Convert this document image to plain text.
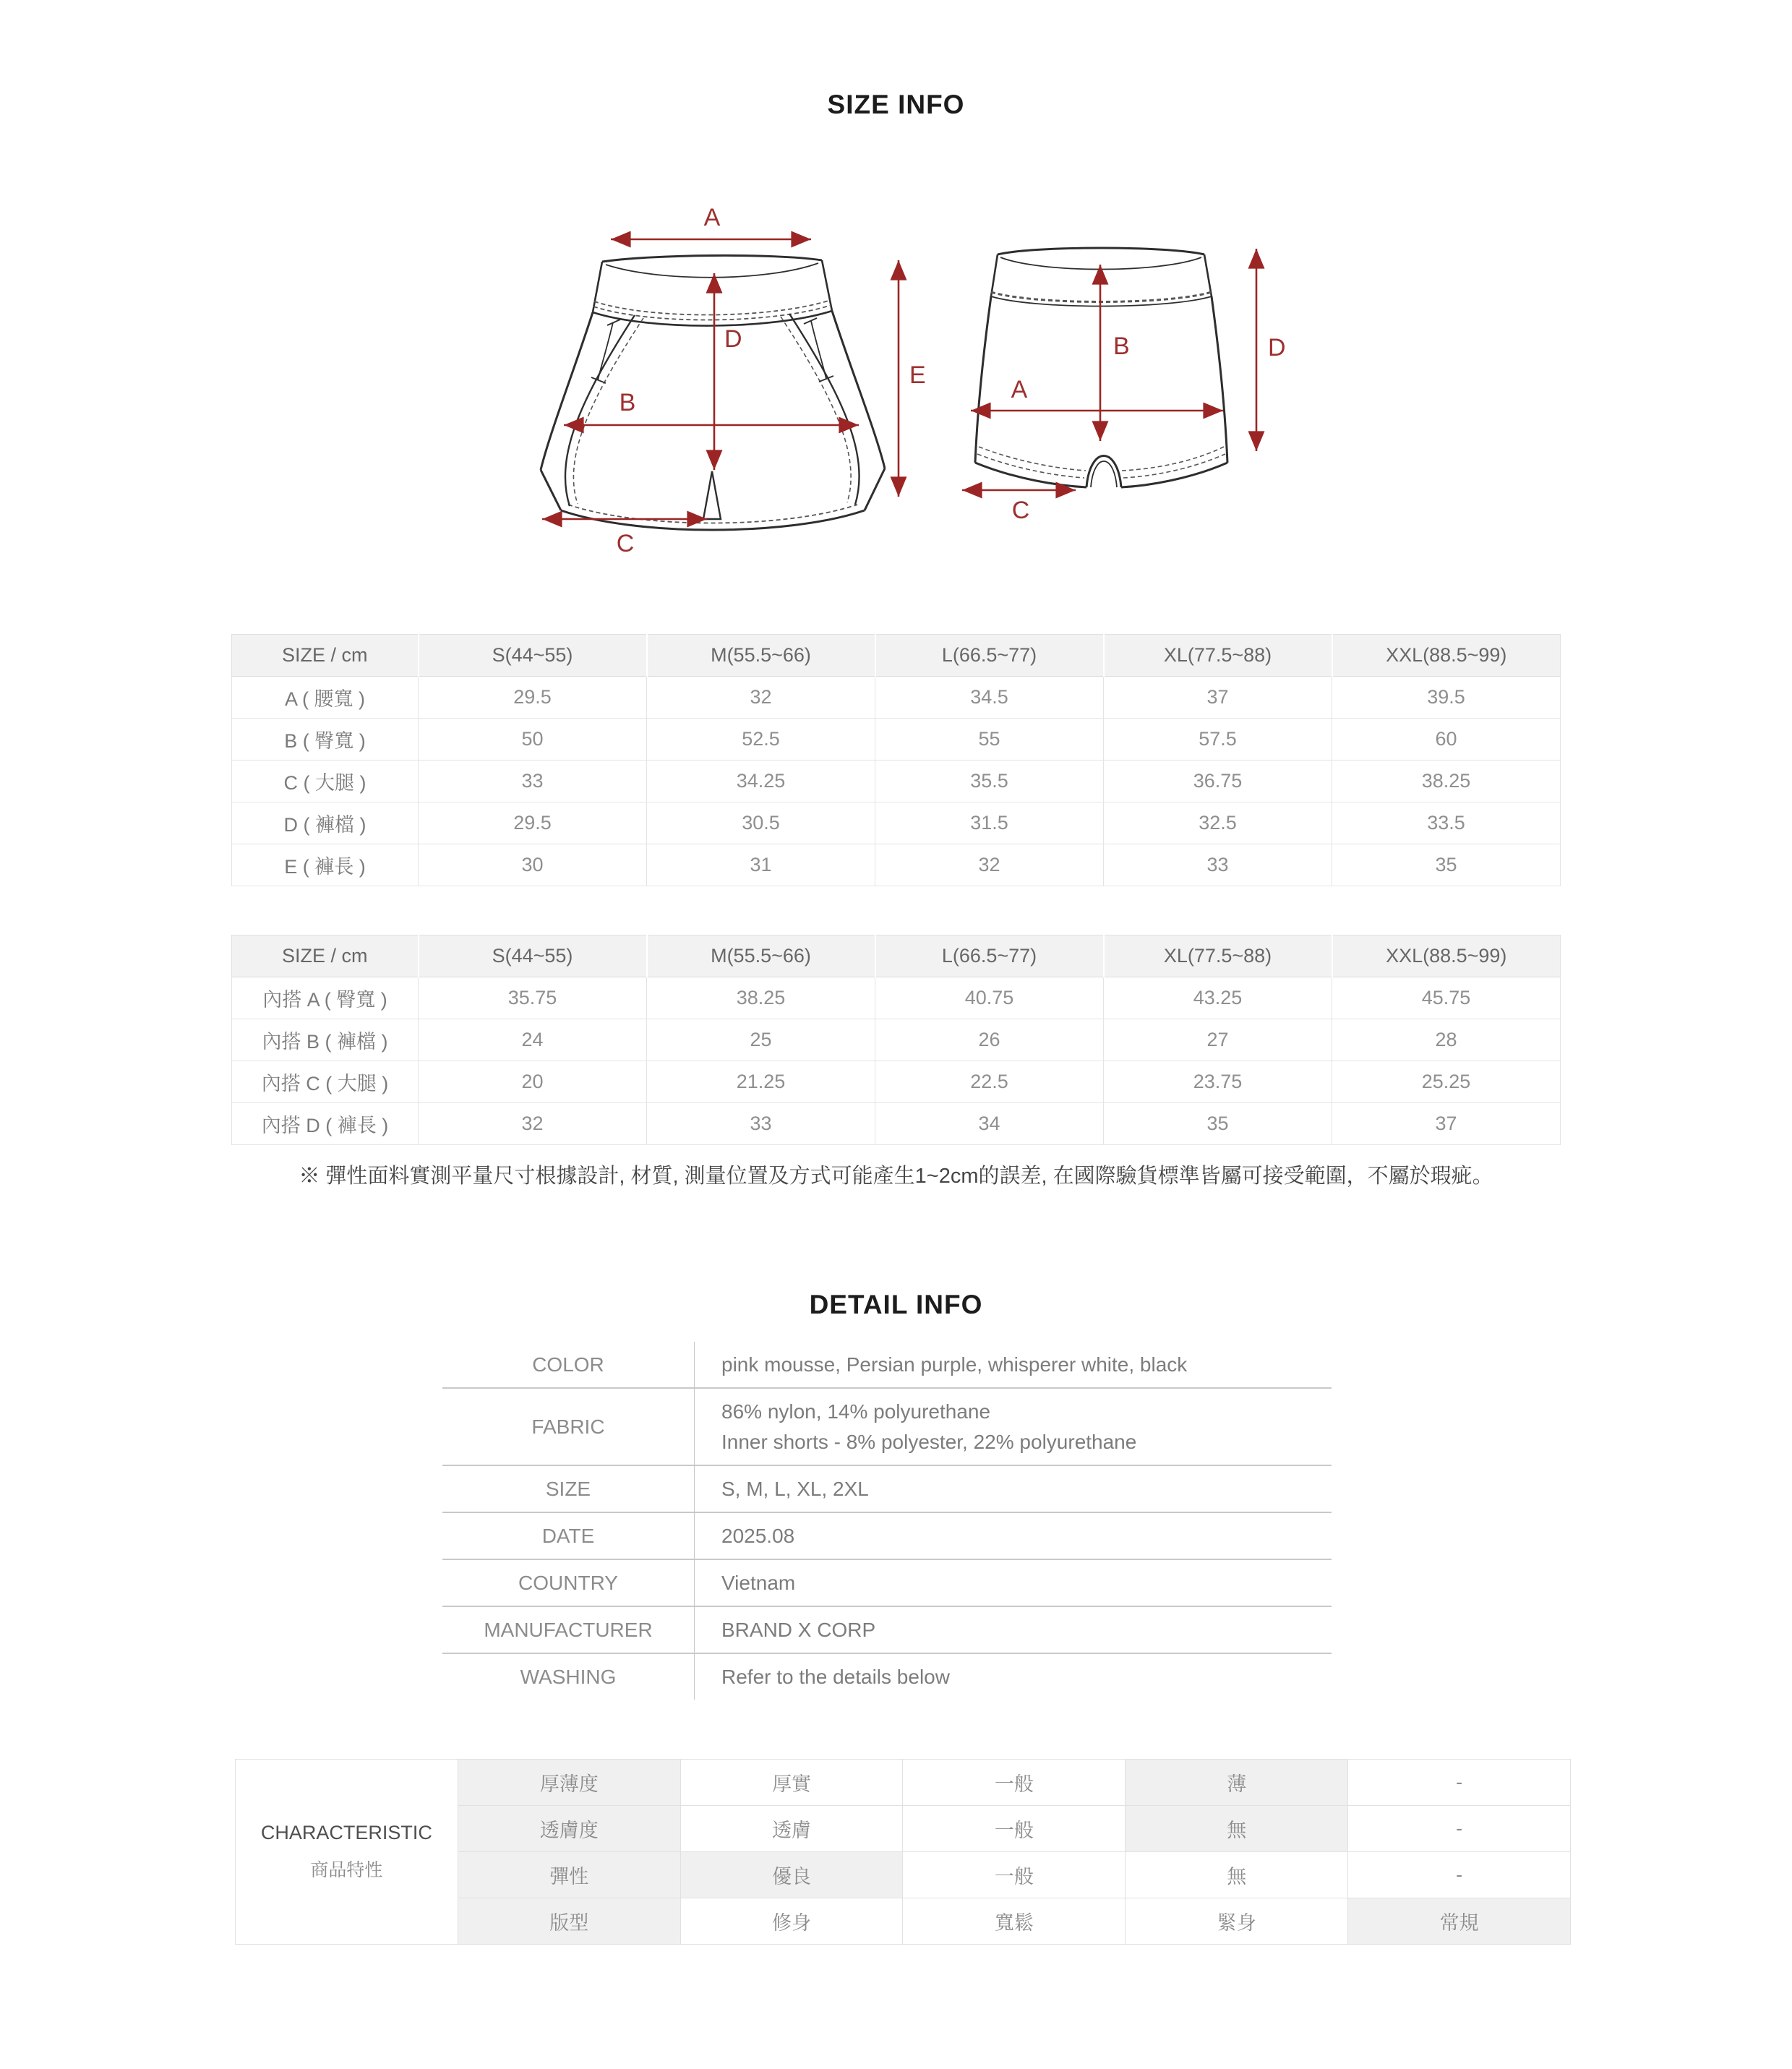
SIZE INFO
A
D
B
E
C
B
A
D
C
SIZE / cm	S(44~55)	M(55.5~66)	L(66.5~77)	XL(77.5~88)	XXL(88.5~99)
A ( 腰寬 )	29.5	32	34.5	37	39.5
B ( 臀寬 )	50	52.5	55	57.5	60
C ( 大腿 )	33	34.25	35.5	36.75	38.25
D ( 褲檔 )	29.5	30.5	31.5	32.5	33.5
E ( 褲長 )	30	31	32	33	35
SIZE / cm	S(44~55)	M(55.5~66)	L(66.5~77)	XL(77.5~88)	XXL(88.5~99)
內搭 A ( 臀寬 )	35.75	38.25	40.75	43.25	45.75
內搭 B ( 褲檔 )	24	25	26	27	28
內搭 C ( 大腿 )	20	21.25	22.5	23.75	25.25
內搭 D ( 褲長 )	32	33	34	35	37
※ 彈性面料實測平量尺寸根據設計, 材質, 測量位置及方式可能產生1~2cm的誤差, 在國際驗貨標準皆屬可接受範圍，不屬於瑕疵。
DETAIL INFO
COLOR	pink mousse, Persian purple, whisperer white, black
FABRIC
86% nylon, 14% polyurethane
Inner shorts - 8% polyester, 22% polyurethane
SIZE	S, M, L, XL, 2XL
DATE	2025.08
COUNTRY	Vietnam
MANUFACTURER	BRAND X CORP
WASHING	Refer to the details below
CHARACTERISTIC
商品特性	厚薄度	厚實	一般	薄	-
	透膚度	透膚	一般	無	-
	彈性	優良	一般	無	-
	版型	修身	寬鬆	緊身	常規
